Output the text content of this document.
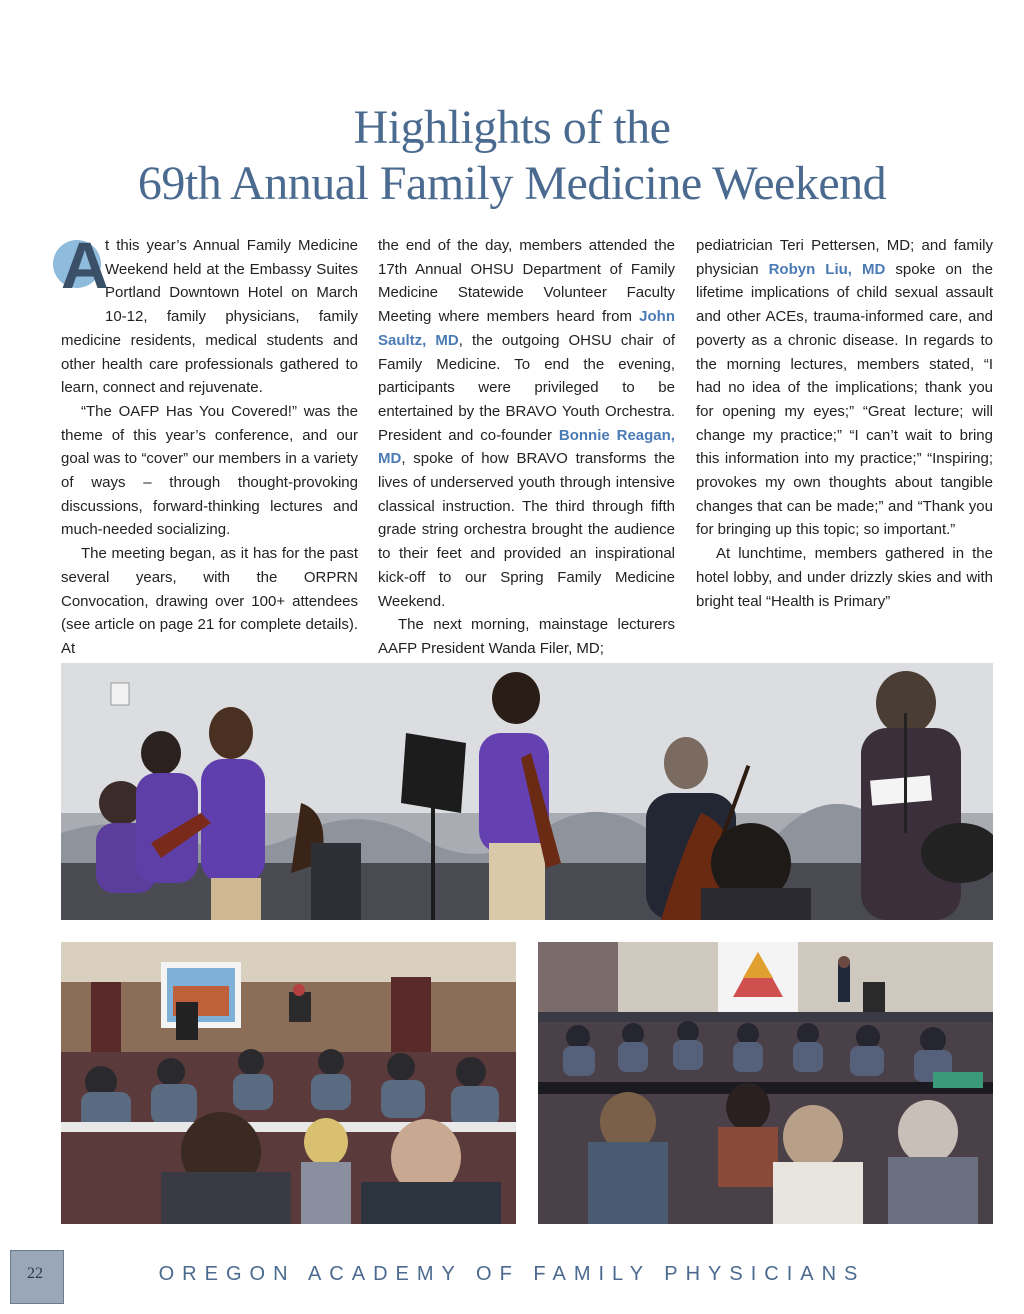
Highlights of the
69th Annual Family Medicine Weekend
A

t this year’s Annual Family Medicine Weekend held at the Embassy Suites Portland Downtown Hotel on March 10-12, family physicians, family medicine residents, medical students and other health care professionals gathered to learn, connect and rejuvenate.

“The OAFP Has You Covered!” was the theme of this year’s conference, and our goal was to “cover” our members in a variety of ways – through thought-provoking discussions, forward-thinking lectures and much-needed socializing.

The meeting began, as it has for the past several years, with the ORPRN Convocation, drawing over 100+ attendees (see article on page 21 for complete details). At

the end of the day, members attended the 17th Annual OHSU Department of Family Medicine Statewide Volunteer Faculty Meeting where members heard from John Saultz, MD, the outgoing OHSU chair of Family Medicine. To end the evening, participants were privileged to be entertained by the BRAVO Youth Orchestra. President and co-founder Bonnie Reagan, MD, spoke of how BRAVO transforms the lives of underserved youth through intensive classical instruction. The third through fifth grade string orchestra brought the audience to their feet and provided an inspirational kick-off to our Spring Family Medicine Weekend.

The next morning, mainstage lecturers AAFP President Wanda Filer, MD;

pediatrician Teri Pettersen, MD; and family physician Robyn Liu, MD spoke on the lifetime implications of child sexual assault and other ACEs, trauma-informed care, and poverty as a chronic disease. In regards to the morning lectures, members stated, “I had no idea of the implications; thank you for opening my eyes;” “Great lecture; will change my practice;” “I can’t wait to bring this information into my practice;” “Inspiring; provokes my own thoughts about tangible changes that can be made;” and “Thank you for bringing up this topic; so important.”

At lunchtime, members gathered in the hotel lobby, and under drizzly skies and with bright teal “Health is Primary”

22	OREGON ACADEMY OF FAMILY PHYSICIANS
